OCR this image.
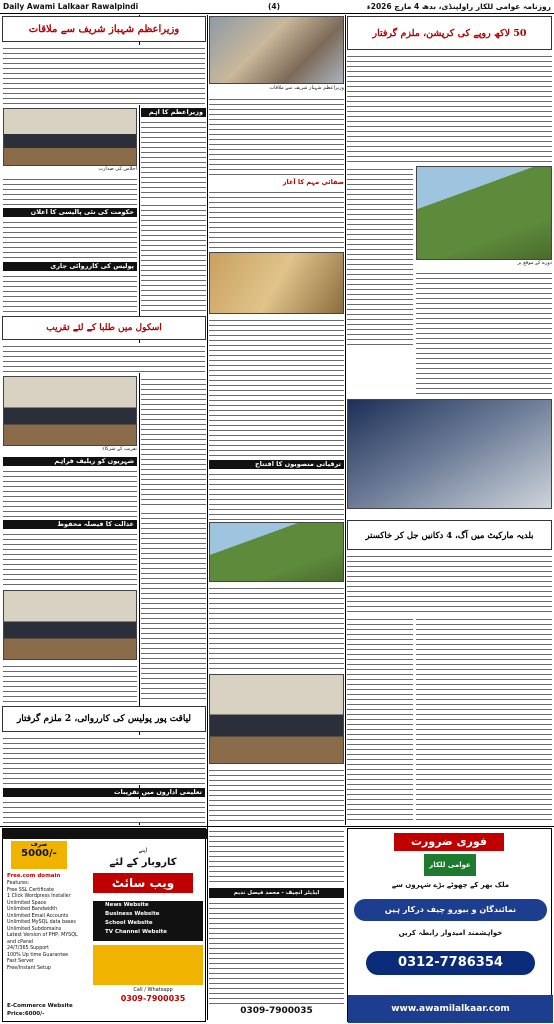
Daily Awami Lalkaar Rawalpindi	(4)	روزنامہ عوامی للکار راولپنڈی، بدھ 4 مارچ 2026ء
وزیراعظم شہباز شریف سے ملاقات
اجلاس کی صدارت
وزیراعظم کا اہم
حکومت کی نئی پالیسی کا اعلان
پولیس کی کارروائی جاری
اسکول میں طلبا کے لئے تقریب
تقریب کے شرکاء
شہریوں کو ریلیف فراہم
عدالت کا فیصلہ محفوظ
لیاقت پور پولیس کی کارروائی، 2 ملزم گرفتار
تعلیمی اداروں میں تقریبات
وزیراعظم شہباز شریف سے ملاقات
صفائی مہم کا آغاز
ترقیاتی منصوبوں کا افتتاح
50 لاکھ روپے کی کرپشن، ملزم گرفتار
دورے کے موقع پر
بلدیہ مارکیٹ میں آگ، 4 دکانیں جل کر خاکستر
صرف
5000/-	اپنے
کاروبار کے لئے
ویب سائٹ
Free.com domain
Features:
Free SSL Certificate
1 Click Wordpress Installer
Unlimited Space
Unlimited Bandwidth
Unlimited Email Accounts
Unlimited MySQL data bases
Unlimited Subdomains
Latest Version of PHP, MYSQL and cPanel
24/7/365 Support
100% Up time Guarantee
Fast Server
Free/Instant Setup
News Website
Business Website
School Website
TV Channel Website
Call / Whatsapp
0309-7900035
E-Commerce Website
Price:6000/-
ایڈیٹر انچیف - محمد فیصل ندیم
0309-7900035
فوری ضرورت
عوامی للکار
ملک بھر کے چھوٹے بڑے شہروں سے
نمائندگان و بیورو چیف درکار ہیں
خواہشمند امیدوار رابطہ کریں
0312-7786354
www.awamilalkaar.com
